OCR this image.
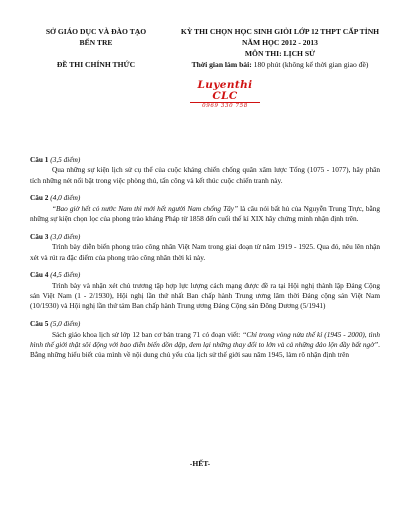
SỞ GIÁO DỤC VÀ ĐÀO TẠO
BẾN TRE
ĐỀ THI CHÍNH THỨC
KỲ THI CHỌN HỌC SINH GIỎI LỚP 12 THPT CẤP TỈNH
NĂM HỌC 2012 - 2013
MÔN THI: LỊCH SỬ
Thời gian làm bài: 180 phút (không kể thời gian giao đề)
Luyenthi CLC
0969 330 758
Câu 1 (3,5 điểm)
Qua những sự kiện lịch sử cụ thể của cuộc kháng chiến chống quân xâm lược Tống (1075 - 1077), hãy phân tích những nét nổi bật trong việc phòng thủ, tấn công và kết thúc cuộc chiến tranh này.
Câu 2 (4,0 điểm)
“Bao giờ hết cỏ nước Nam thì mới hết người Nam chống Tây” là câu nói bất hủ của Nguyễn Trung Trực, bằng những sự kiện chọn lọc của phong trào kháng Pháp từ 1858 đến cuối thế kỉ XIX hãy chứng minh nhận định trên.
Câu 3 (3,0 điểm)
Trình bày diễn biến phong trào công nhân Việt Nam trong giai đoạn từ năm 1919 - 1925. Qua đó, nêu lên nhận xét và rút ra đặc điểm của phong trào công nhân thời kì này.
Câu 4 (4,5 điểm)
Trình bày và nhận xét chủ trương tập hợp lực lượng cách mạng được đề ra tại Hội nghị thành lập Đảng Cộng sản Việt Nam (1 - 2/1930), Hội nghị lần thứ nhất Ban chấp hành Trung ương lâm thời Đảng cộng sản Việt Nam (10/1930) và Hội nghị lần thứ tám Ban chấp hành Trung ương Đảng Cộng sản Đông Dương (5/1941)
Câu 5 (5,0 điểm)
Sách giáo khoa lịch sử lớp 12 ban cơ bản trang 71 có đoạn viết: “Chỉ trong vòng nửa thế kỉ (1945 - 2000), tình hình thế giới thật sôi động với bao diễn biến dồn dập, đem lại những thay đổi to lớn và cả những đảo lộn đầy bất ngờ”. Bằng những hiểu biết của mình về nội dung chủ yếu của lịch sử thế giới sau năm 1945, làm rõ nhận định trên
-HẾT-
